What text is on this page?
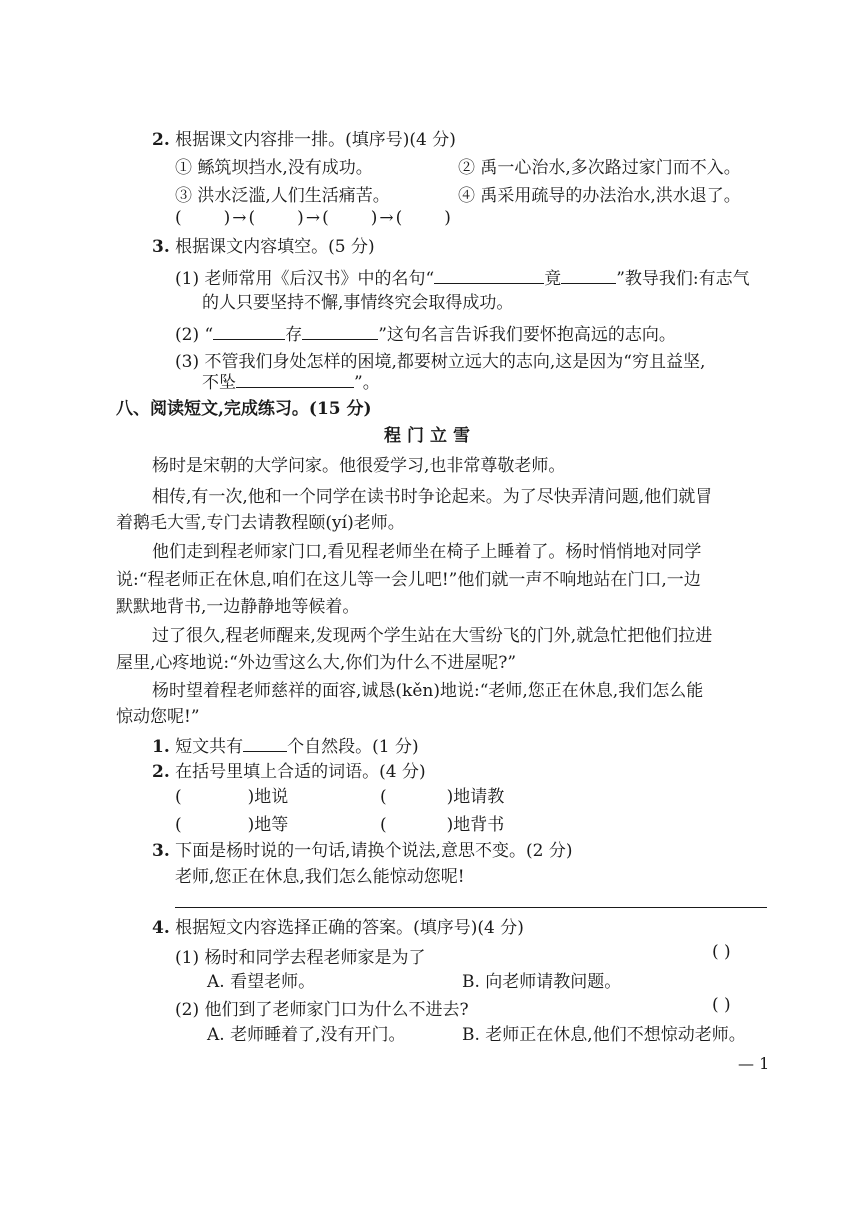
2. 根据课文内容排一排。(填序号)(4 分)
① 鲧筑坝挡水,没有成功。	② 禹一心治水,多次路过家门而不入。
③ 洪水泛滥,人们生活痛苦。	④ 禹采用疏导的办法治水,洪水退了。
( ) → ( ) → ( ) → ( )
3. 根据课文内容填空。(5 分)
(1) 老师常用《后汉书》中的名句“	竟	”教导我们:有志气
的人只要坚持不懈,事情终究会取得成功。
(2) “	存	”这句名言告诉我们要怀抱高远的志向。
(3) 不管我们身处怎样的困境,都要树立远大的志向,这是因为“穷且益坚,
不坠	”。
八、阅读短文,完成练习。(15 分)
程门立雪
杨时是宋朝的大学问家。他很爱学习,也非常尊敬老师。
相传,有一次,他和一个同学在读书时争论起来。为了尽快弄清问题,他们就冒
着鹅毛大雪,专门去请教程颐(yí)老师。
他们走到程老师家门口,看见程老师坐在椅子上睡着了。杨时悄悄地对同学
说:“程老师正在休息,咱们在这儿等一会儿吧!”他们就一声不响地站在门口,一边
默默地背书,一边静静地等候着。
过了很久,程老师醒来,发现两个学生站在大雪纷飞的门外,就急忙把他们拉进
屋里,心疼地说:“外边雪这么大,你们为什么不进屋呢?”
杨时望着程老师慈祥的面容,诚恳(kěn)地说:“老师,您正在休息,我们怎么能
惊动您呢!”
1. 短文共有	个自然段。(1 分)
2. 在括号里填上合适的词语。(4 分)
(	)地说	(	)地请教
(	)地等	(	)地背书
3. 下面是杨时说的一句话,请换个说法,意思不变。(2 分)
老师,您正在休息,我们怎么能惊动您呢!
4. 根据短文内容选择正确的答案。(填序号)(4 分)
(1) 杨时和同学去程老师家是为了	( )
A. 看望老师。	B. 向老师请教问题。
(2) 他们到了老师家门口为什么不进去?	( )
A. 老师睡着了,没有开门。	B. 老师正在休息,他们不想惊动老师。
— 1
